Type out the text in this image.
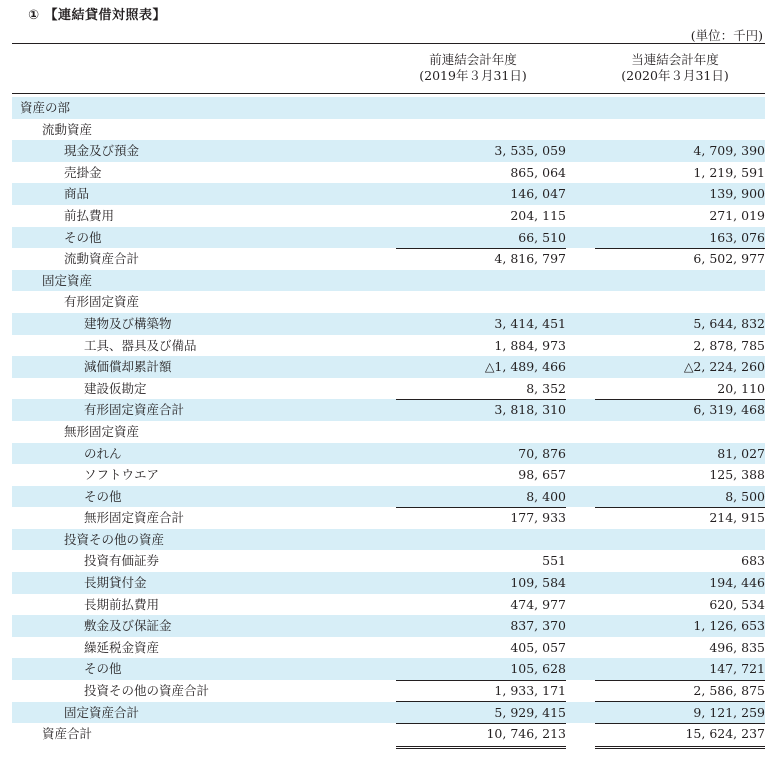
① 【連結貸借対照表】
(単位：千円)
前連結会計年度
(2019年３月31日)
当連結会計年度
(2020年３月31日)
資産の部
流動資産
現金及び預金	3, 535, 059	4, 709, 390
売掛金	865, 064	1, 219, 591
商品	146, 047	139, 900
前払費用	204, 115	271, 019
その他	66, 510	163, 076
流動資産合計	4, 816, 797	6, 502, 977
固定資産
有形固定資産
建物及び構築物	3, 414, 451	5, 644, 832
工具、器具及び備品	1, 884, 973	2, 878, 785
減価償却累計額	△1, 489, 466	△2, 224, 260
建設仮勘定	8, 352	20, 110
有形固定資産合計	3, 818, 310	6, 319, 468
無形固定資産
のれん	70, 876	81, 027
ソフトウエア	98, 657	125, 388
その他	8, 400	8, 500
無形固定資産合計	177, 933	214, 915
投資その他の資産
投資有価証券	551	683
長期貸付金	109, 584	194, 446
長期前払費用	474, 977	620, 534
敷金及び保証金	837, 370	1, 126, 653
繰延税金資産	405, 057	496, 835
その他	105, 628	147, 721
投資その他の資産合計	1, 933, 171	2, 586, 875
固定資産合計	5, 929, 415	9, 121, 259
資産合計	10, 746, 213	15, 624, 237
